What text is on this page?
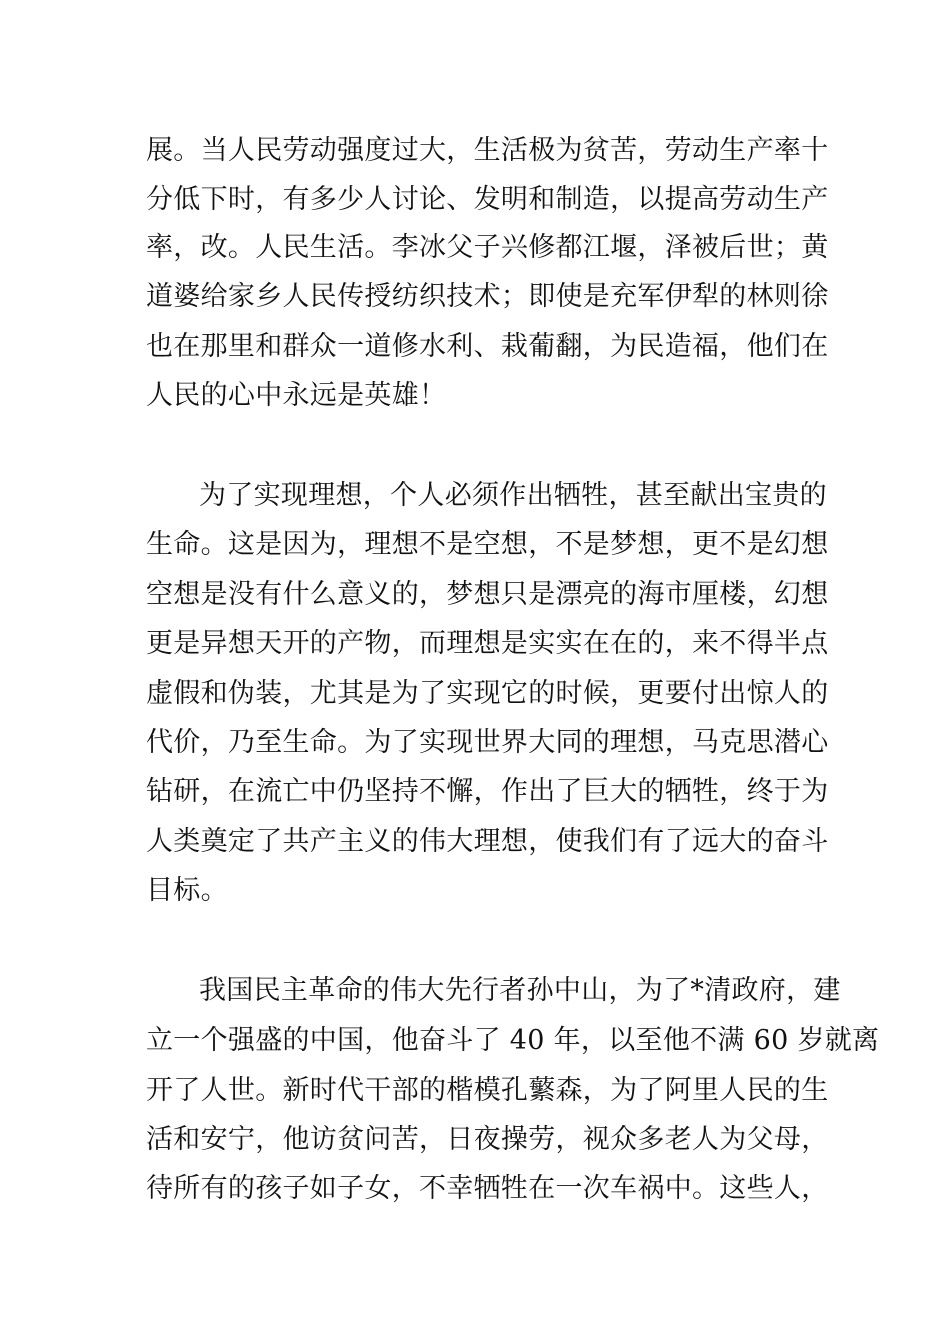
展。当人民劳动强度过大，生活极为贫苦，劳动生产率十
分低下时，有多少人讨论、发明和制造，以提高劳动生产
率，改。人民生活。李冰父子兴修都江堰，泽被后世；黄
道婆给家乡人民传授纺织技术；即使是充军伊犁的林则徐
也在那里和群众一道修水利、栽葡翻，为民造福，他们在
人民的心中永远是英雄！
为了实现理想，个人必须作出牺牲，甚至献出宝贵的
生命。这是因为，理想不是空想，不是梦想，更不是幻想
空想是没有什么意义的，梦想只是漂亮的海市厘楼，幻想
更是异想天开的产物，而理想是实实在在的，来不得半点
虚假和伪装，尤其是为了实现它的时候，更要付出惊人的
代价，乃至生命。为了实现世界大同的理想，马克思潜心
钻研，在流亡中仍坚持不懈，作出了巨大的牺牲，终于为
人类奠定了共产主义的伟大理想，使我们有了远大的奋斗
目标。
我国民主革命的伟大先行者孙中山，为了*清政府，建
立一个强盛的中国，他奋斗了 40 年，以至他不满 60 岁就离
开了人世。新时代干部的楷模孔蘩森，为了阿里人民的生
活和安宁，他访贫问苦，日夜操劳，视众多老人为父母，
待所有的孩子如子女，不幸牺牲在一次车祸中。这些人，
